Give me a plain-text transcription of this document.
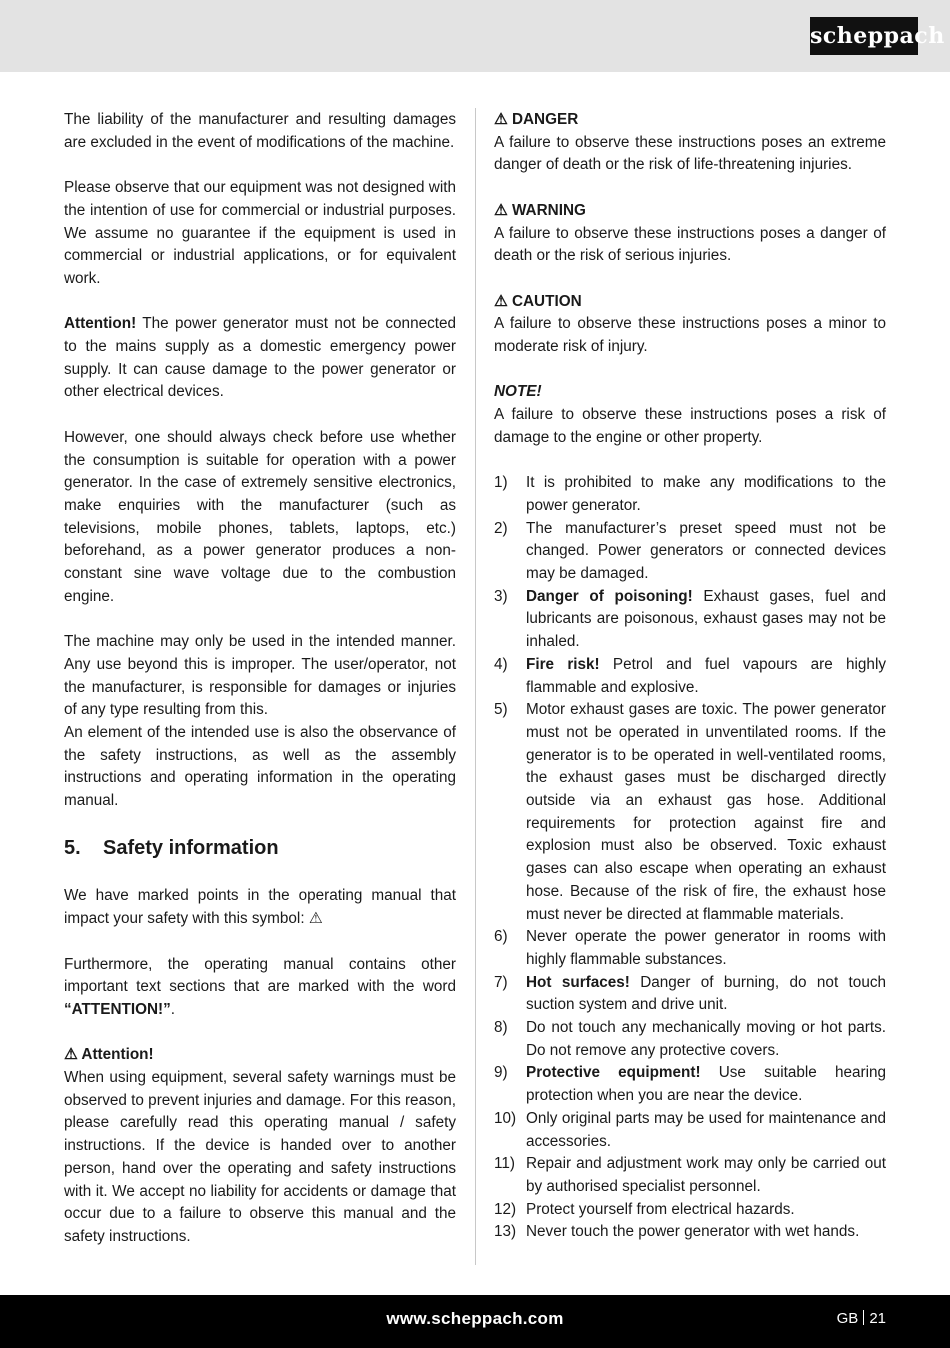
scheppach

The liability of the manufacturer and resulting damages are excluded in the event of modifications of the machine.

Please observe that our equipment was not designed with the intention of use for commercial or industrial purposes. We assume no guarantee if the equipment is used in commercial or industrial applications, or for equivalent work.

Attention! The power generator must not be connected to the mains supply as a domestic emergency power supply. It can cause damage to the power generator or other electrical devices.

However, one should always check before use whether the consumption is suitable for operation with a power generator. In the case of extremely sensitive electronics, make enquiries with the manufacturer (such as televisions, mobile phones, tablets, laptops, etc.) beforehand, as a power generator produces a non-constant sine wave voltage due to the combustion engine.

The machine may only be used in the intended manner. Any use beyond this is improper. The user/operator, not the manufacturer, is responsible for damages or injuries of any type resulting from this.

An element of the intended use is also the observance of the safety instructions, as well as the assembly instructions and operating information in the operating manual.

5. Safety information

We have marked points in the operating manual that impact your safety with this symbol: ⚠

Furthermore, the operating manual contains other important text sections that are marked with the word “ATTENTION!”.

⚠ Attention!

When using equipment, several safety warnings must be observed to prevent injuries and damage. For this reason, please carefully read this operating manual / safety instructions. If the device is handed over to another person, hand over the operating and safety instructions with it. We accept no liability for accidents or damage that occur due to a failure to observe this manual and the safety instructions.

⚠ DANGER

A failure to observe these instructions poses an extreme danger of death or the risk of life-threatening injuries.

⚠ WARNING

A failure to observe these instructions poses a danger of death or the risk of serious injuries.

⚠ CAUTION

A failure to observe these instructions poses a minor to moderate risk of injury.

NOTE!

A failure to observe these instructions poses a risk of damage to the engine or other property.

1) It is prohibited to make any modifications to the power generator.
2) The manufacturer’s preset speed must not be changed. Power generators or connected devices may be damaged.
3) Danger of poisoning! Exhaust gases, fuel and lubricants are poisonous, exhaust gases may not be inhaled.
4) Fire risk! Petrol and fuel vapours are highly flammable and explosive.
5) Motor exhaust gases are toxic. The power generator must not be operated in unventilated rooms. If the generator is to be operated in well-ventilated rooms, the exhaust gases must be discharged directly outside via an exhaust gas hose. Additional requirements for protection against fire and explosion must also be observed. Toxic exhaust gases can also escape when operating an exhaust hose. Because of the risk of fire, the exhaust hose must never be directed at flammable materials.
6) Never operate the power generator in rooms with highly flammable substances.
7) Hot surfaces! Danger of burning, do not touch suction system and drive unit.
8) Do not touch any mechanically moving or hot parts. Do not remove any protective covers.
9) Protective equipment! Use suitable hearing protection when you are near the device.
10) Only original parts may be used for maintenance and accessories.
11) Repair and adjustment work may only be carried out by authorised specialist personnel.
12) Protect yourself from electrical hazards.
13) Never touch the power generator with wet hands.
www.scheppach.com	GB 21
